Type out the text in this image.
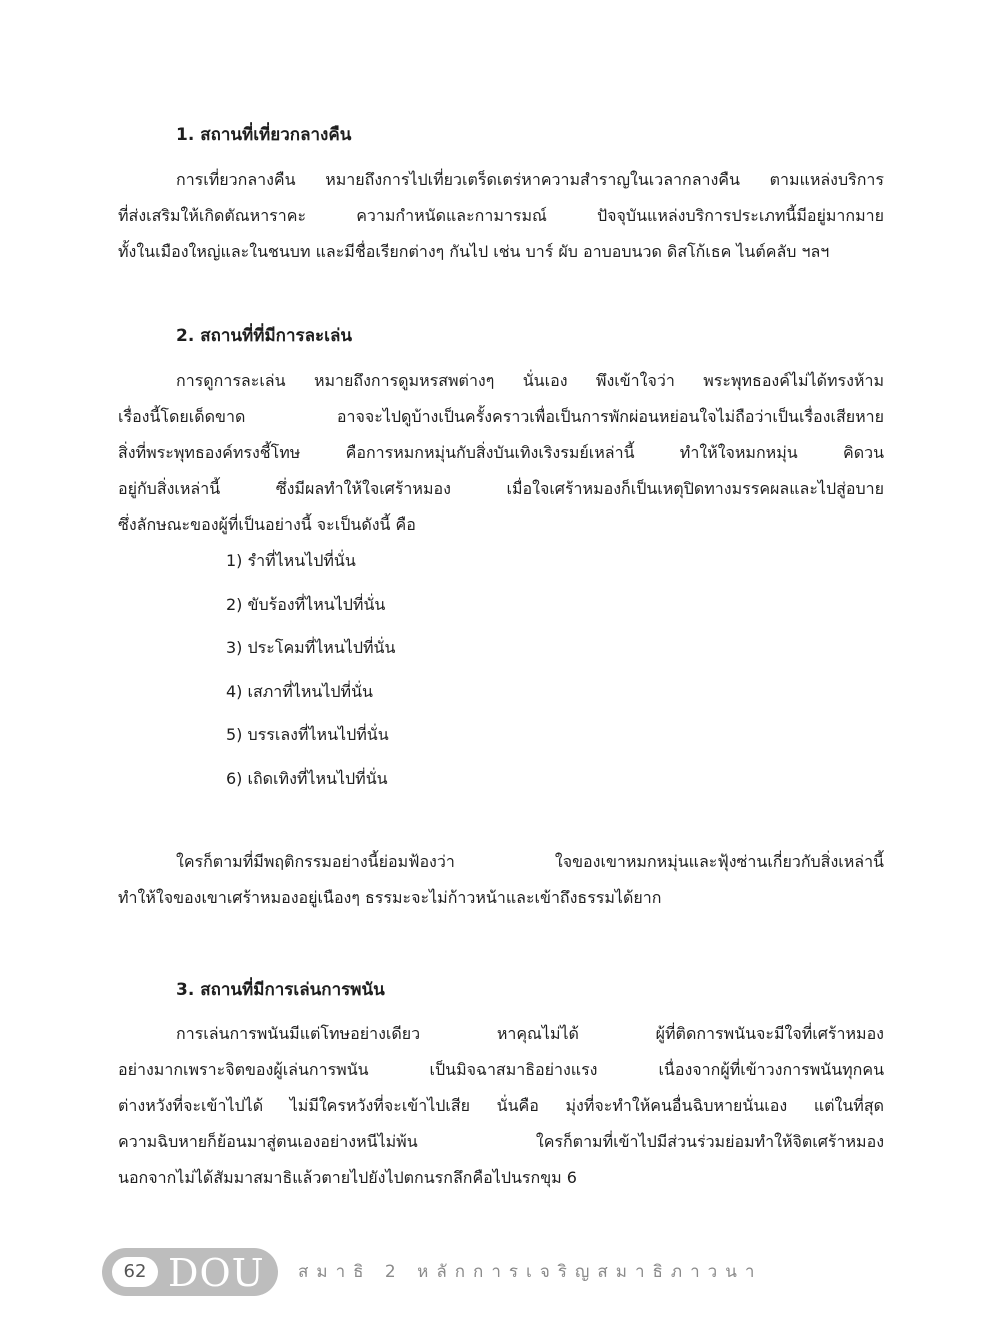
1. สถานที่เที่ยวกลางคืน
การเที่ยวกลางคืน หมายถึงการไปเที่ยวเตร็ดเตร่หาความสำราญในเวลากลางคืน ตามแหล่งบริการ
ที่ส่งเสริมให้เกิดตัณหาราคะ ความกำหนัดและกามารมณ์ ปัจจุบันแหล่งบริการประเภทนี้มีอยู่มากมาย
ทั้งในเมืองใหญ่และในชนบท และมีชื่อเรียกต่างๆ กันไป เช่น บาร์ ผับ อาบอบนวด ดิสโก้เธค ไนต์คลับ ฯลฯ
2. สถานที่ที่มีการละเล่น
การดูการละเล่น หมายถึงการดูมหรสพต่างๆ นั่นเอง พึงเข้าใจว่า พระพุทธองค์ไม่ได้ทรงห้าม
เรื่องนี้โดยเด็ดขาด อาจจะไปดูบ้างเป็นครั้งคราวเพื่อเป็นการพักผ่อนหย่อนใจไม่ถือว่าเป็นเรื่องเสียหาย
สิ่งที่พระพุทธองค์ทรงชี้โทษ คือการหมกหมุ่นกับสิ่งบันเทิงเริงรมย์เหล่านี้ ทำให้ใจหมกหมุ่น คิดวน
อยู่กับสิ่งเหล่านี้ ซึ่งมีผลทำให้ใจเศร้าหมอง เมื่อใจเศร้าหมองก็เป็นเหตุปิดทางมรรคผลและไปสู่อบาย
ซึ่งลักษณะของผู้ที่เป็นอย่างนี้ จะเป็นดังนี้ คือ
1) รำที่ไหนไปที่นั่น
2) ขับร้องที่ไหนไปที่นั่น
3) ประโคมที่ไหนไปที่นั่น
4) เสภาที่ไหนไปที่นั่น
5) บรรเลงที่ไหนไปที่นั่น
6) เถิดเทิงที่ไหนไปที่นั่น
ใครก็ตามที่มีพฤติกรรมอย่างนี้ย่อมฟ้องว่า ใจของเขาหมกหมุ่นและฟุ้งซ่านเกี่ยวกับสิ่งเหล่านี้
ทำให้ใจของเขาเศร้าหมองอยู่เนืองๆ ธรรมะจะไม่ก้าวหน้าและเข้าถึงธรรมได้ยาก
3. สถานที่มีการเล่นการพนัน
การเล่นการพนันมีแต่โทษอย่างเดียว หาคุณไม่ได้ ผู้ที่ติดการพนันจะมีใจที่เศร้าหมอง
อย่างมากเพราะจิตของผู้เล่นการพนัน เป็นมิจฉาสมาธิอย่างแรง เนื่องจากผู้ที่เข้าวงการพนันทุกคน
ต่างหวังที่จะเข้าไปได้ ไม่มีใครหวังที่จะเข้าไปเสีย นั่นคือ มุ่งที่จะทำให้คนอื่นฉิบหายนั่นเอง แต่ในที่สุด
ความฉิบหายก็ย้อนมาสู่ตนเองอย่างหนีไม่พ้น ใครก็ตามที่เข้าไปมีส่วนร่วมย่อมทำให้จิตเศร้าหมอง
นอกจากไม่ได้สัมมาสมาธิแล้วตายไปยังไปตกนรกลึกคือไปนรกขุม 6
62 DOU สมาธิ 2 หลักการเจริญสมาธิภาวนา
